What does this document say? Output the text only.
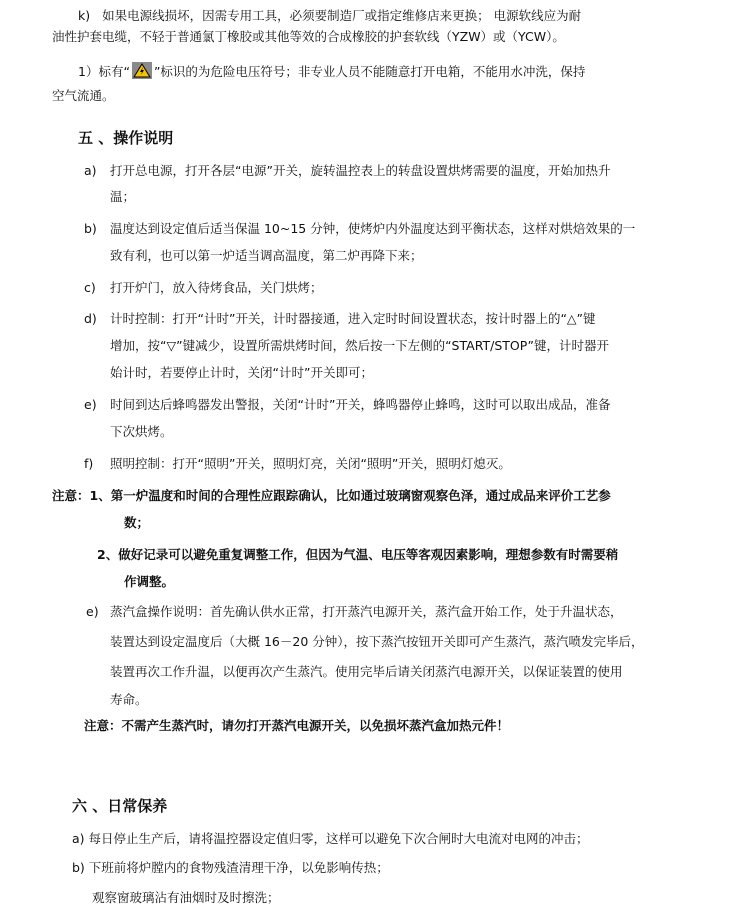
k) 如果电源线损坏，因需专用工具，必须要制造厂或指定维修店来更换； 电源软线应为耐
油性护套电缆，不轻于普通氯丁橡胶或其他等效的合成橡胶的护套软线（YZW）或（YCW）。
1）标有“ ”标识的为危险电压符号；非专业人员不能随意打开电箱，不能用水冲洗，保持
空气流通。
五 、操作说明
a) 打开总电源，打开各层“电源”开关，旋转温控表上的转盘设置烘烤需要的温度，开始加热升
温；
b) 温度达到设定值后适当保温 10~15 分钟，使烤炉内外温度达到平衡状态，这样对烘焙效果的一
致有利，也可以第一炉适当调高温度，第二炉再降下来；
c) 打开炉门，放入待烤食品，关门烘烤；
d) 计时控制：打开“计时”开关，计时器接通，进入定时时间设置状态，按计时器上的“△”键
增加，按“▽”键减少，设置所需烘烤时间，然后按一下左侧的“START/STOP”键，计时器开
始计时，若要停止计时，关闭“计时”开关即可；
e) 时间到达后蜂鸣器发出警报，关闭“计时”开关，蜂鸣器停止蜂鸣，这时可以取出成品，准备
下次烘烤。
f) 照明控制：打开“照明”开关，照明灯亮，关闭“照明”开关，照明灯熄灭。
注意：1、第一炉温度和时间的合理性应跟踪确认，比如通过玻璃窗观察色泽，通过成品来评价工艺参
数；
2、做好记录可以避免重复调整工作，但因为气温、电压等客观因素影响，理想参数有时需要稍
作调整。
e) 蒸汽盒操作说明：首先确认供水正常，打开蒸汽电源开关，蒸汽盒开始工作，处于升温状态，
装置达到设定温度后（大概 16－20 分钟），按下蒸汽按钮开关即可产生蒸汽，蒸汽喷发完毕后，
装置再次工作升温，以便再次产生蒸汽。使用完毕后请关闭蒸汽电源开关，以保证装置的使用
寿命。
注意：不需产生蒸汽时，请勿打开蒸汽电源开关，以免损坏蒸汽盒加热元件！
六 、日常保养
a) 每日停止生产后，请将温控器设定值归零，这样可以避免下次合闸时大电流对电网的冲击；
b) 下班前将炉膛内的食物残渣清理干净，以免影响传热；
观察窗玻璃沾有油烟时及时擦洗；
